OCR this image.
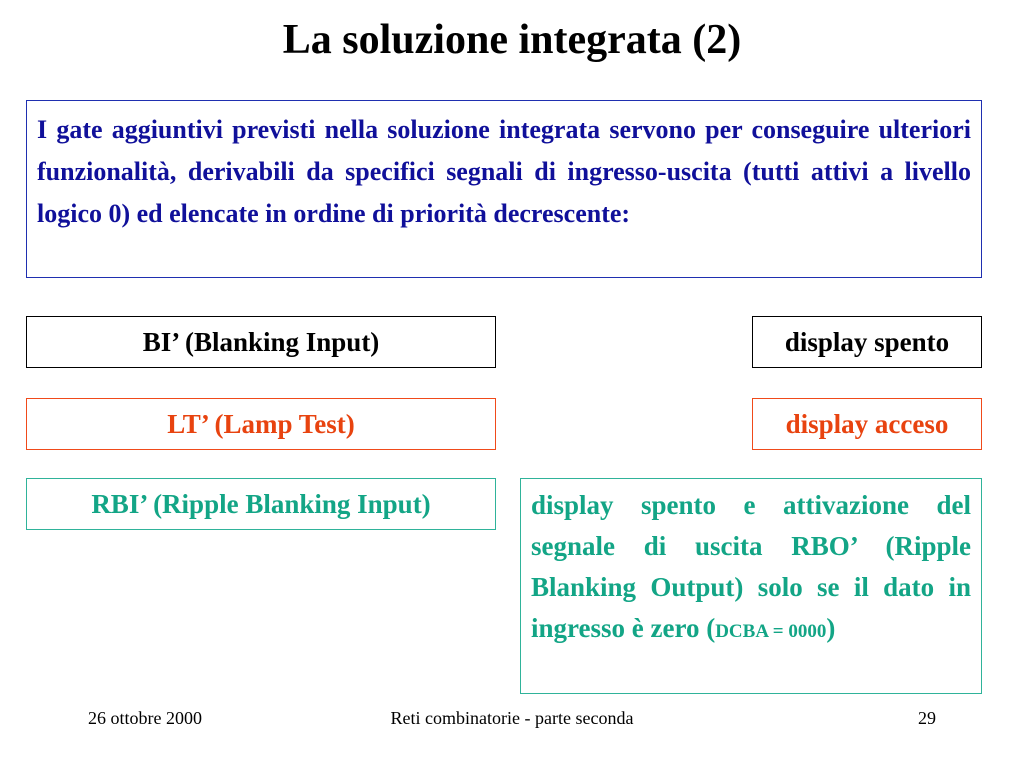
La soluzione integrata (2)
I gate aggiuntivi previsti nella soluzione integrata servono per conseguire ulteriori funzionalità, derivabili da specifici segnali di ingresso-uscita (tutti attivi a livello logico 0) ed elencate in ordine di priorità decrescente:
BI’ (Blanking Input)	display spento
LT’ (Lamp Test)	display acceso
RBI’ (Ripple Blanking Input)	display spento e attivazione del segnale di uscita RBO’ (Ripple Blanking Output) solo se il dato in ingresso è zero (DCBA = 0000)
26 ottobre 2000	Reti combinatorie - parte seconda	29
